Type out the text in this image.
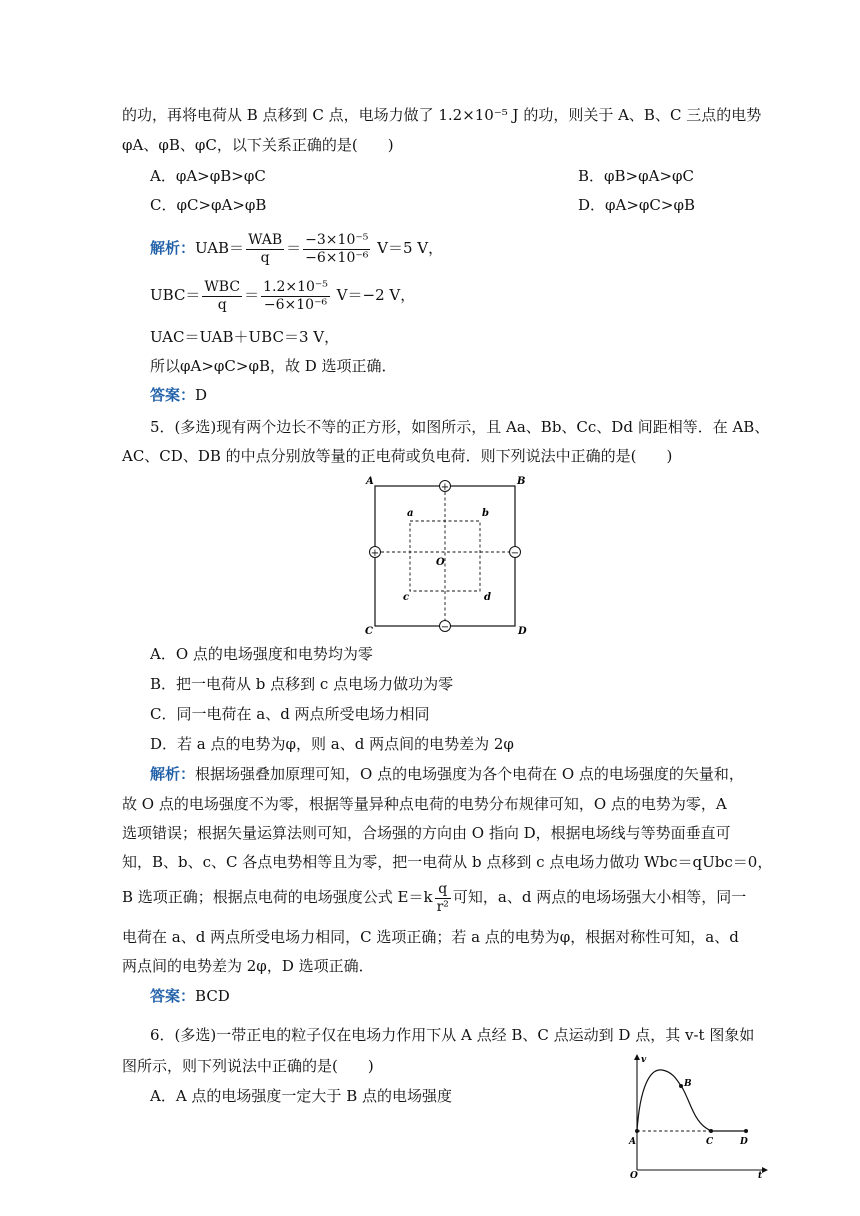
的功，再将电荷从 B 点移到 C 点，电场力做了 1.2×10⁻⁵ J 的功，则关于 A、B、C 三点的电势
φA、φB、φC，以下关系正确的是(　　)
A．φA>φB>φC	B．φB>φA>φC
C．φC>φA>φB	D．φA>φC>φB
解析：$UAB= \frac{\text{WAB}}{q} = \frac{\text{−3×10⁻⁵}}{\text{−6×10⁻⁶}} V=5$ V，
$UBC= \frac{\text{WBC}}{q} = \frac{\text{1.2×10⁻⁵}}{\text{−6×10⁻⁶}} V=-2$ V，
UAC＝UAB＋UBC＝3 V，
所以φA>φC>φB，故 D 选项正确．
答案：D
5．(多选)现有两个边长不等的正方形，如图所示，且 Aa、Bb、Cc、Dd 间距相等．在 AB、
AC、CD、DB 的中点分别放等量的正电荷或负电荷．则下列说法中正确的是(　　)
+
+	−
−
A	B
C	D
a	b
c	d
O
A．O 点的电场强度和电势均为零
B．把一电荷从 b 点移到 c 点电场力做功为零
C．同一电荷在 a、d 两点所受电场力相同
D．若 a 点的电势为φ，则 a、d 两点间的电势差为 2φ
解析：根据场强叠加原理可知，O 点的电场强度为各个电荷在 O 点的电场强度的矢量和，
故 O 点的电场强度不为零，根据等量异种点电荷的电势分布规律可知，O 点的电势为零，A
选项错误；根据矢量运算法则可知，合场强的方向由 O 指向 D，根据电场线与等势面垂直可
知，B、b、c、C 各点电势相等且为零，把一电荷从 b 点移到 c 点电场力做功 Wbc＝qUbc＝0，
B 选项正确；根据点电荷的电场强度公式 $E=k \frac{q}{\text{r²}}$ 可知，a、d 两点的电场场强大小相等，同一
电荷在 a、d 两点所受电场力相同，C 选项正确；若 a 点的电势为φ，根据对称性可知，a、d
两点间的电势差为 2φ，D 选项正确．
答案：BCD
6．(多选)一带正电的粒子仅在电场力作用下从 A 点经 B、C 点运动到 D 点，其 v-t 图象如
图所示，则下列说法中正确的是(　　)
A．A 点的电场强度一定大于 B 点的电场强度
v
t
O
A
B
C	D
